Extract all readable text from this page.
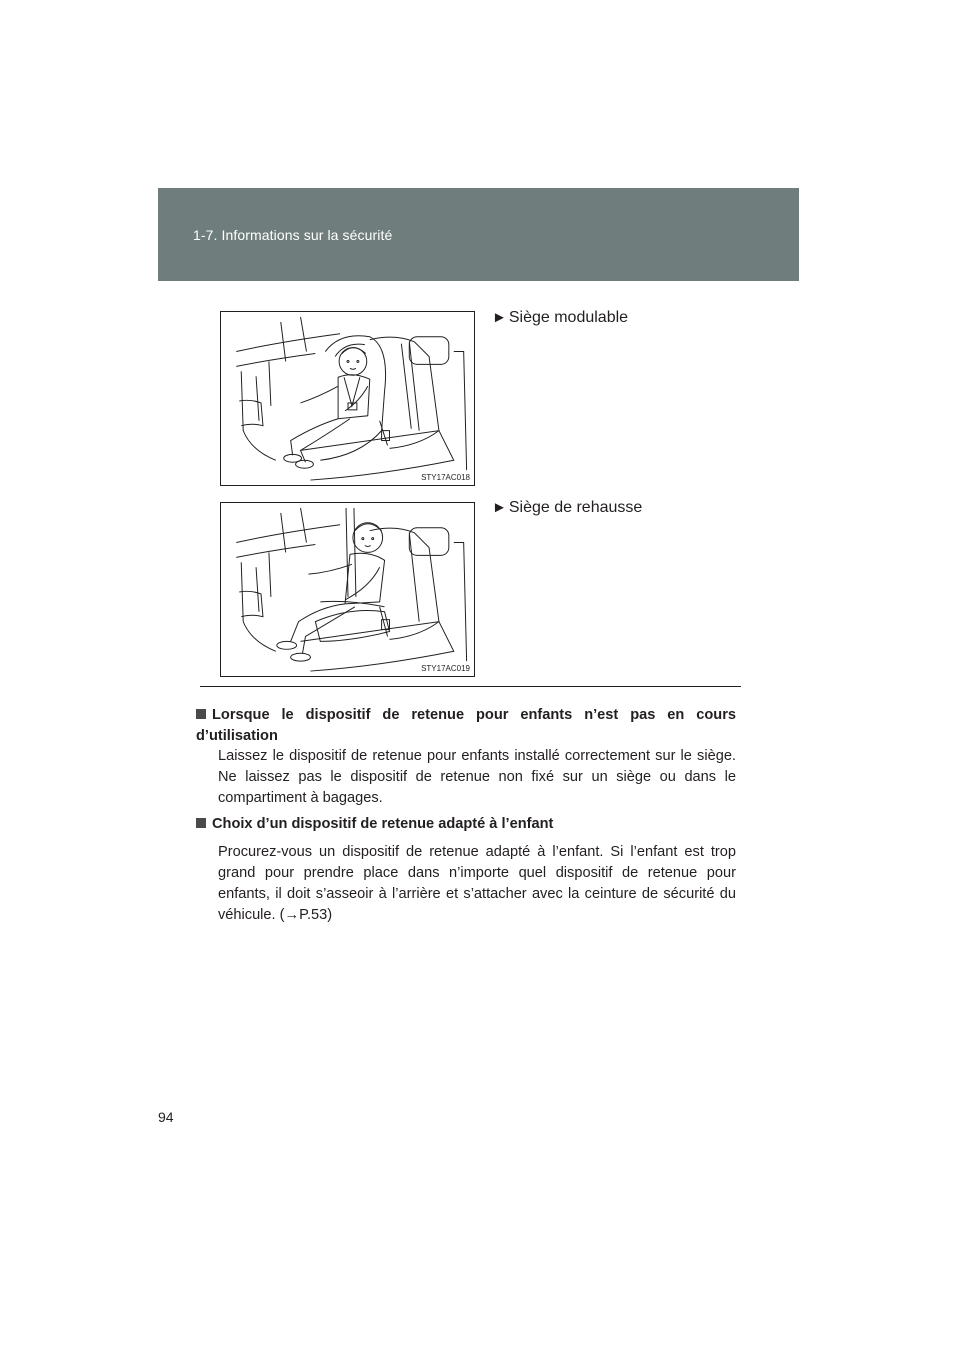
1-7. Informations sur la sécurité
STY17AC018
► Siège modulable
STY17AC019
► Siège de rehausse
Lorsque le dispositif de retenue pour enfants n’est pas en cours d’utilisation
Laissez le dispositif de retenue pour enfants installé correctement sur le siège. Ne laissez pas le dispositif de retenue non fixé sur un siège ou dans le compartiment à bagages.
Choix d’un dispositif de retenue adapté à l’enfant
Procurez-vous un dispositif de retenue adapté à l’enfant. Si l’enfant est trop grand pour prendre place dans n’importe quel dispositif de retenue pour enfants, il doit s’asseoir à l’arrière et s’attacher avec la ceinture de sécurité du véhicule. (→P.53)
94
